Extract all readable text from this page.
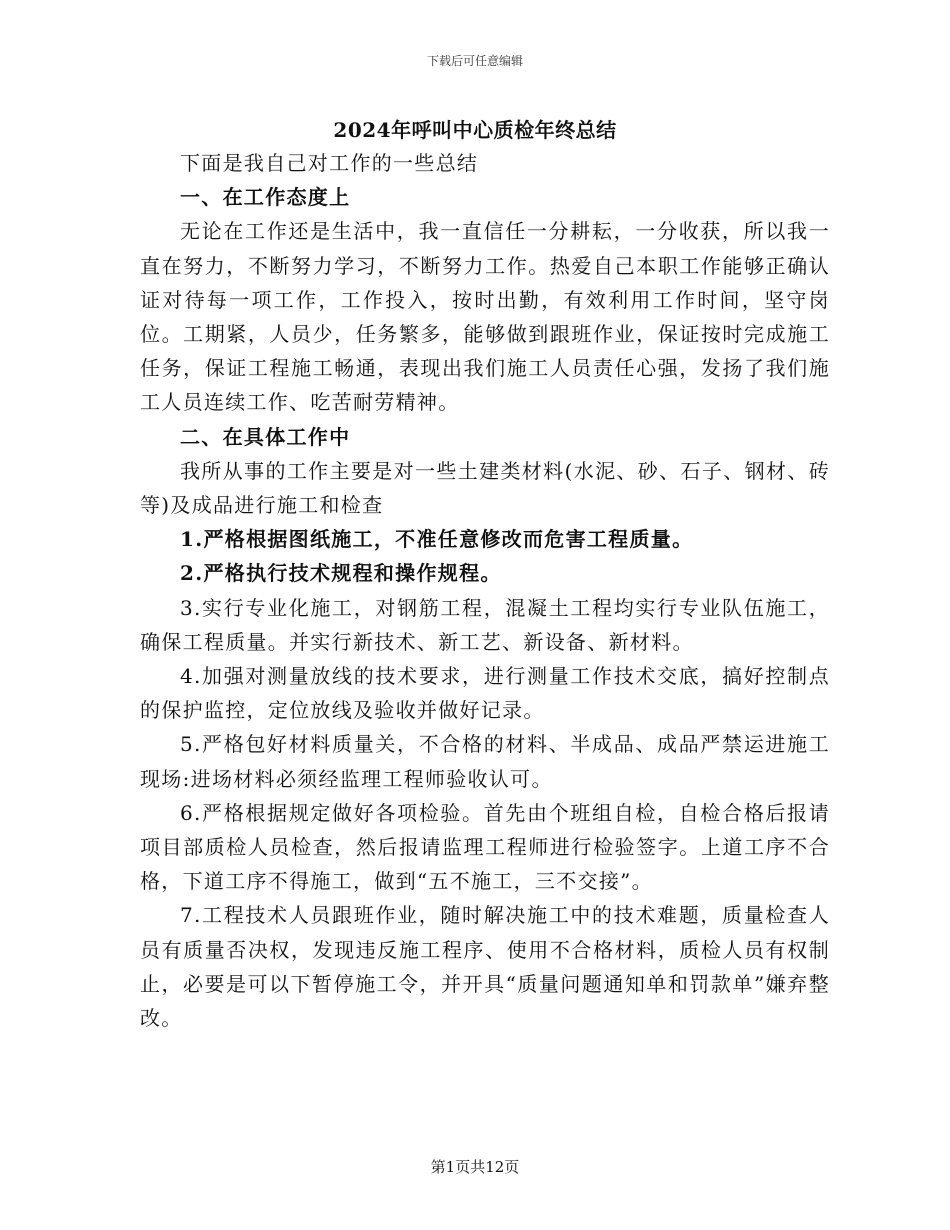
下载后可任意编辑
2024年呼叫中心质检年终总结

下面是我自己对工作的一些总结

一、在工作态度上

无论在工作还是生活中，我一直信任一分耕耘，一分收获，所以我一直在努力，不断努力学习，不断努力工作。热爱自己本职工作能够正确认证对待每一项工作，工作投入，按时出勤，有效利用工作时间，坚守岗位。工期紧，人员少，任务繁多，能够做到跟班作业，保证按时完成施工任务，保证工程施工畅通，表现出我们施工人员责任心强，发扬了我们施工人员连续工作、吃苦耐劳精神。

二、在具体工作中

我所从事的工作主要是对一些土建类材料(水泥、砂、石子、钢材、砖等)及成品进行施工和检查

1.严格根据图纸施工，不准任意修改而危害工程质量。

2.严格执行技术规程和操作规程。

3.实行专业化施工，对钢筋工程，混凝土工程均实行专业队伍施工，确保工程质量。并实行新技术、新工艺、新设备、新材料。

4.加强对测量放线的技术要求，进行测量工作技术交底，搞好控制点的保护监控，定位放线及验收并做好记录。

5.严格包好材料质量关，不合格的材料、半成品、成品严禁运进施工现场:进场材料必须经监理工程师验收认可。

6.严格根据规定做好各项检验。首先由个班组自检，自检合格后报请项目部质检人员检查，然后报请监理工程师进行检验签字。上道工序不合格，下道工序不得施工，做到“五不施工，三不交接”。

7.工程技术人员跟班作业，随时解决施工中的技术难题，质量检查人员有质量否决权，发现违反施工程序、使用不合格材料，质检人员有权制止，必要是可以下暂停施工令，并开具“质量问题通知单和罚款单”嫌弃整改。

第1页共12页
